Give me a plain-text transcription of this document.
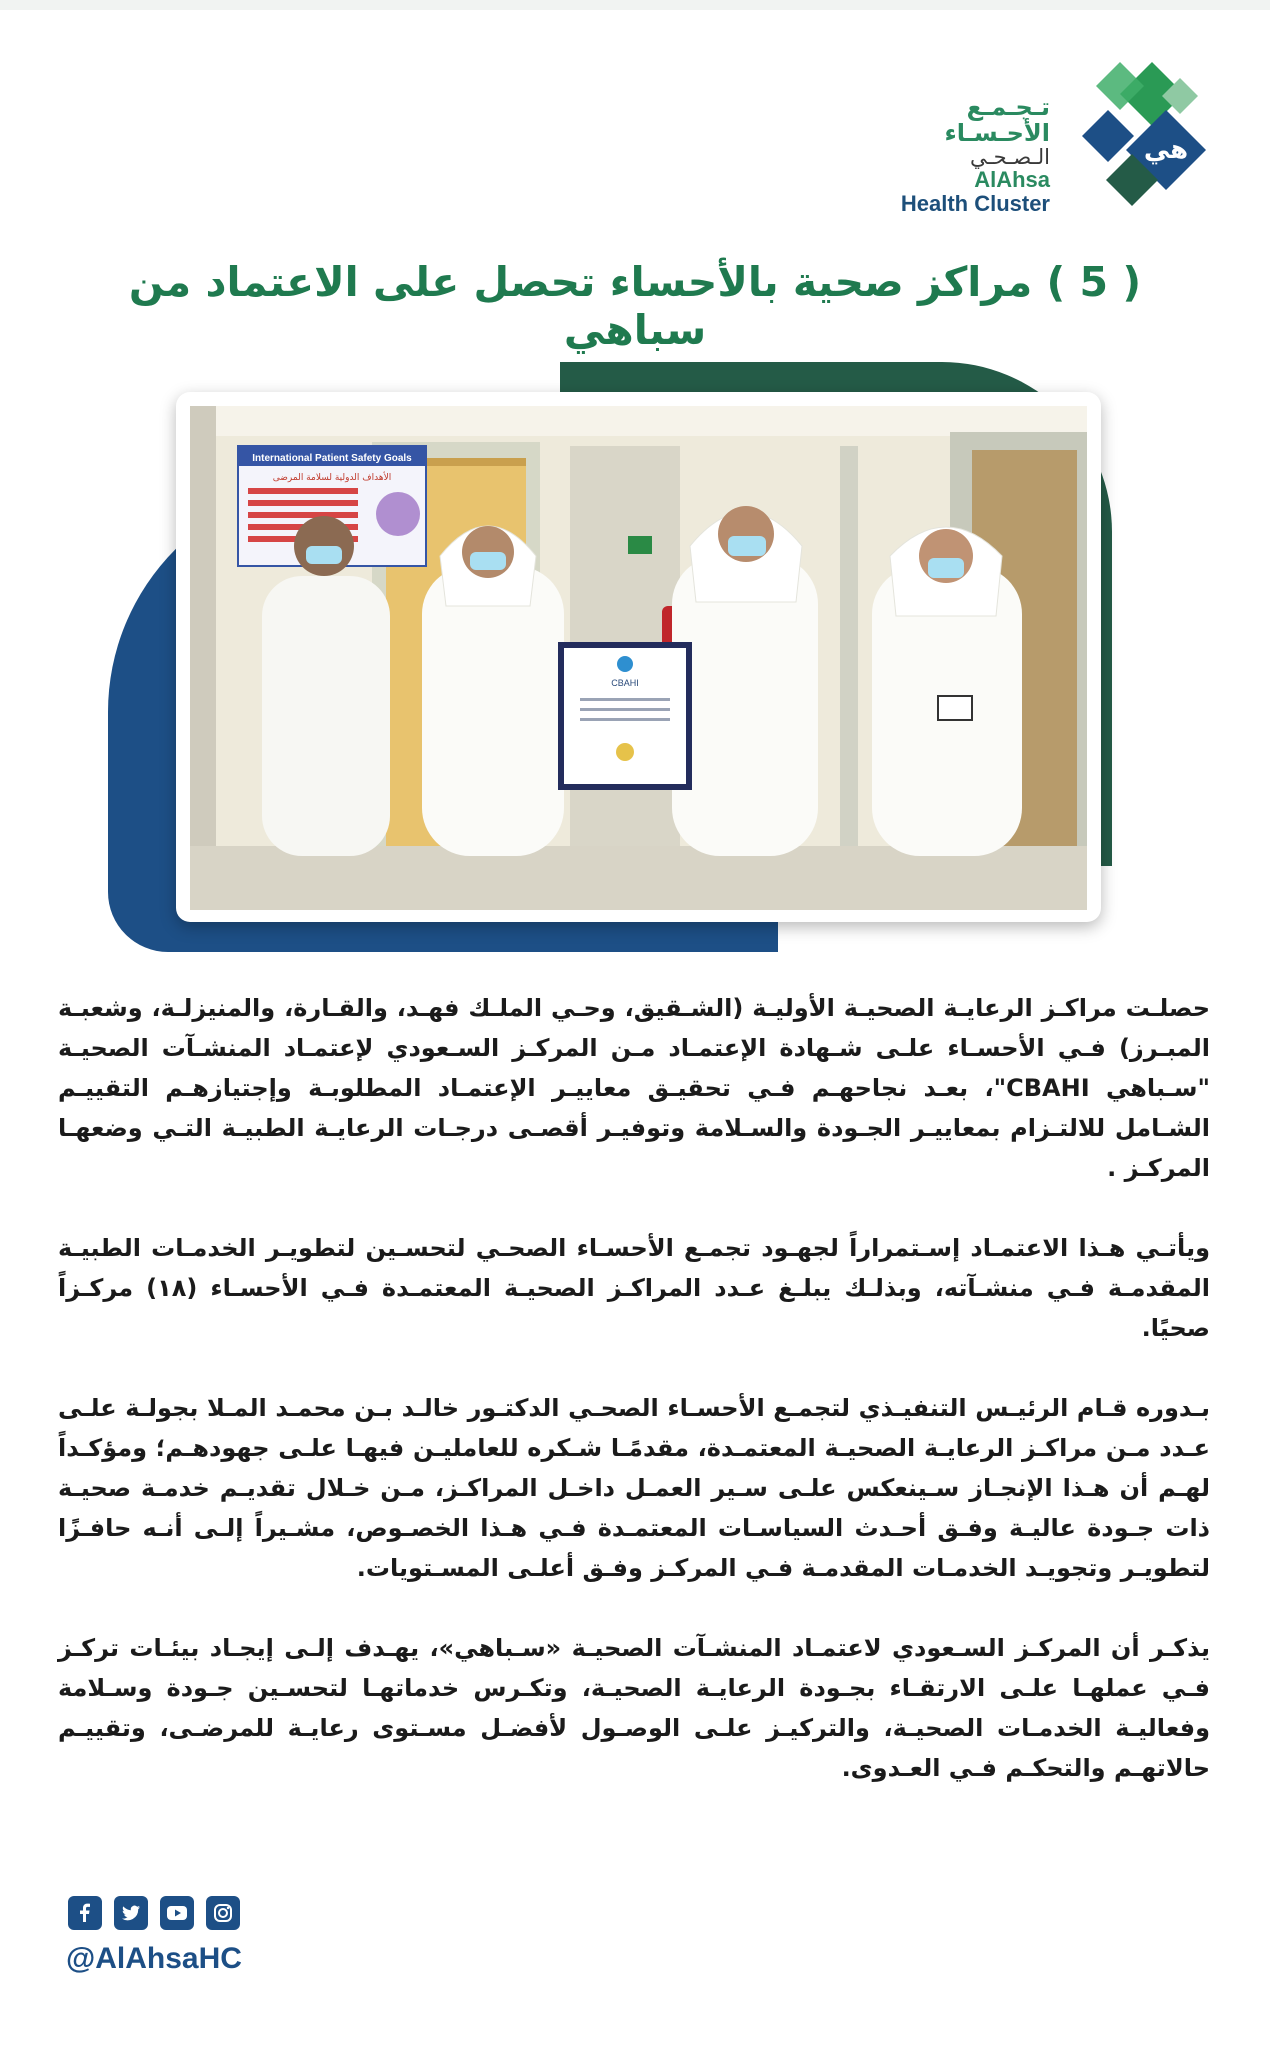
تـجـمـع الأحـسـاء
الـصـحـي
AlAhsa
Health Cluster
هي
( 5 ) مراكز صحية بالأحساء تحصل على الاعتماد من سباهي
International Patient Safety Goals
الأهداف الدولية لسلامة المرضى
CBAHI

حصلـت مراكـز الرعايـة الصحيـة الأوليـة (الشـقيق، وحـي الملـك فهـد، والقـارة، والمنيزلـة، وشعبـة المبـرز) فـي الأحسـاء علـى شـهادة الإعتمـاد مـن المركـز السـعودي لإعتمـاد المنشـآت الصحيـة "سـباهي CBAHI"، بعـد نجاحهـم فـي تحقيـق معاييـر الإعتمـاد المطلوبـة وإجتيازهـم التقييـم الشـامل للالتـزام بمعاييـر الجـودة والسـلامة وتوفيـر أقصـى درجـات الرعايـة الطبيـة التـي وضعهـا المركـز .

ويأتـي هـذا الاعتمـاد إسـتمراراً لجهـود تجمـع الأحسـاء الصحـي لتحسـين لتطويـر الخدمـات الطبيـة المقدمـة فـي منشـآته، وبذلـك يبلـغ عـدد المراكـز الصحيـة المعتمـدة فـي الأحسـاء (١٨) مركـزاً صحيًا.

بـدوره قـام الرئيـس التنفيـذي لتجمـع الأحسـاء الصحـي الدكتـور خالـد بـن محمـد المـلا بجولـة علـى عـدد مـن مراكـز الرعايـة الصحيـة المعتمـدة، مقدمًـا شـكره للعامليـن فيهـا علـى جهودهـم؛ ومؤكـداً لهـم أن هـذا الإنجـاز سـينعكس علـى سـير العمـل داخـل المراكـز، مـن خـلال تقديـم خدمـة صحيـة ذات جـودة عاليـة وفـق أحـدث السياسـات المعتمـدة فـي هـذا الخصـوص، مشـيراً إلـى أنـه حافـزًا لتطويـر وتجويـد الخدمـات المقدمـة فـي المركـز وفـق أعلـى المسـتويات.

يذكـر أن المركـز السـعودي لاعتمـاد المنشـآت الصحيـة «سـباهي»، يهـدف إلـى إيجـاد بيئـات تركـز فـي عملهـا علـى الارتقـاء بجـودة الرعايـة الصحيـة، وتكـرس خدماتهـا لتحسـين جـودة وسـلامة وفعاليـة الخدمـات الصحيـة، والتركيـز علـى الوصـول لأفضـل مسـتوى رعايـة للمرضـى، وتقييـم حالاتهـم والتحكـم فـي العـدوى.

@AlAhsaHC
